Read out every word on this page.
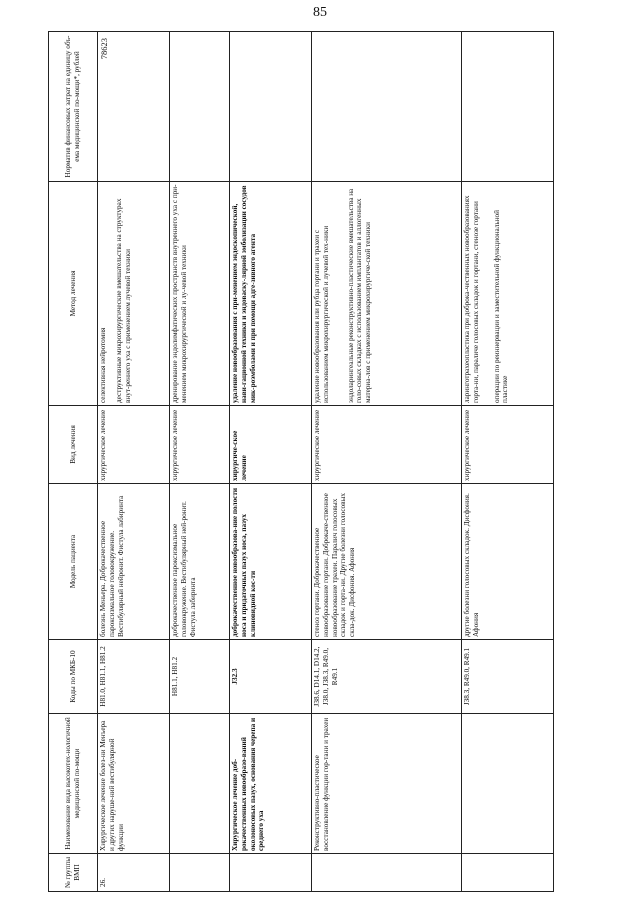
85
№ группы ВМП	Наименование вида высокотех-нологичной медицинской по-мощи	Коды по МКБ-10	Модель пациента	Вид лечения	Метод лечения	Норматив финансовых затрат на единицу объ-ема медицинской по-мощи*, рублей
26.	Хирургическое лечение болез-ни Менъера и других наруше-ний вестибулярной функции	H81.0, H81.1, H81.2	болезнь Меньера. Доброкачественное пароксизмальное головокружение. Вестибулярный нейронит. Фистула лабиринта	хирургическое лечение	селективная нейротомия деструктивные микрохирургические вмешательства на структурах внут-реннего уха с применением лучевой техники	78623
		H81.1, H81.2	доброкачественное пароксизмальное головокружение. Вестибулярный ней-ронит. Фистула лабиринта	хирургическое лечение	дренирование эндолимфатических пространств внутреннего уха с при-менением микрохирургической и лу-чевой техники	

	Хирургическое лечение доб-рокачественных новообразо-ваний околоносовых пазух, основания черепа и среднего уха	J32.3	доброкачественное новообразова-ние полости носа и придаточных пазух носа, пазух клиновидной кос-ти	хирургиче-ское лечение	удаление новообразования с при-менением эндоскопической, нави-гационной техники и эндоваску-лярной эмболизации сосудов мик-роэмболами и при помощи адге-зивного агента	

	Реконструктивно-пластическое восстановление функции гор-тани и трахеи	J38.6, D14.1, D14.2, J38.0, J38.3, R49.0, R49.1	стеноз гортани. Доброкачественное новообразование гортани. Доброкаче-ственное новообразование трахеи. Паралич голосовых складок и горта-ни. Другие болезни голосовых скла-док. Дисфония. Афония	хирургическое лечение	удаление новообразования или рубца гортани и трахеи с использованием микрохирургической и лучевой тех-ники эндоларингеальные реконструктивно-пластические вмешательства на голо-совых складках с использованием имплантатов и аллогенных материа-лов с применением микрохирургиче-ской техники	

		J38.3, R49.0, R49.1	другие болезни голосовых складок. Дисфония. Афония	хирургическое лечение	ларинготрахеопластика при доброка-чественных новообразованиях горта-ни, параличе голосовых складок и гортани, стенозе гортани операции по реиннервации и заместительной функциональной пластике	
